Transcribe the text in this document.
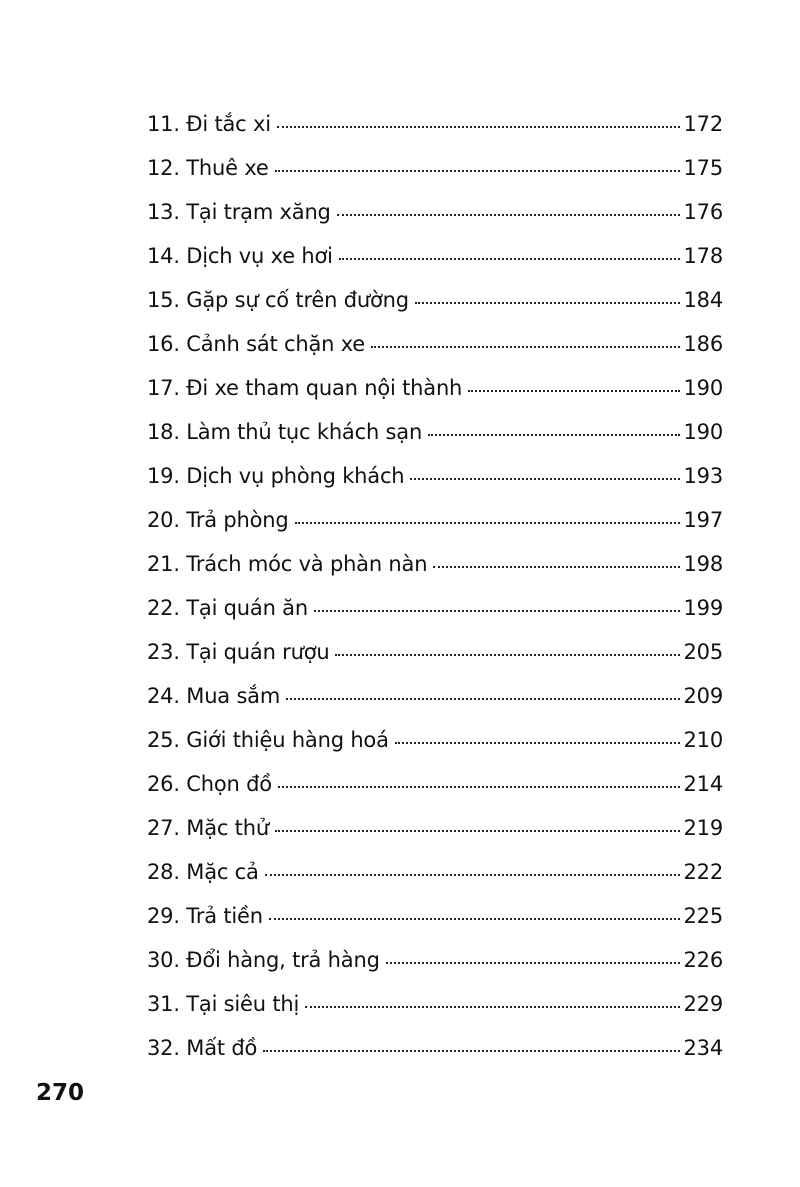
11. Đi tắc xi	172
12. Thuê xe	175
13. Tại trạm xăng	176
14. Dịch vụ xe hơi	178
15. Gặp sự cố trên đường	184
16. Cảnh sát chặn xe	186
17. Đi xe tham quan nội thành	190
18. Làm thủ tục khách sạn	190
19. Dịch vụ phòng khách	193
20. Trả phòng	197
21. Trách móc và phàn nàn	198
22. Tại quán ăn	199
23. Tại quán rượu	205
24. Mua sắm	209
25. Giới thiệu hàng hoá	210
26. Chọn đồ	214
27. Mặc thử	219
28. Mặc cả	222
29. Trả tiền	225
30. Đổi hàng, trả hàng	226
31. Tại siêu thị	229
32. Mất đồ	234

270
